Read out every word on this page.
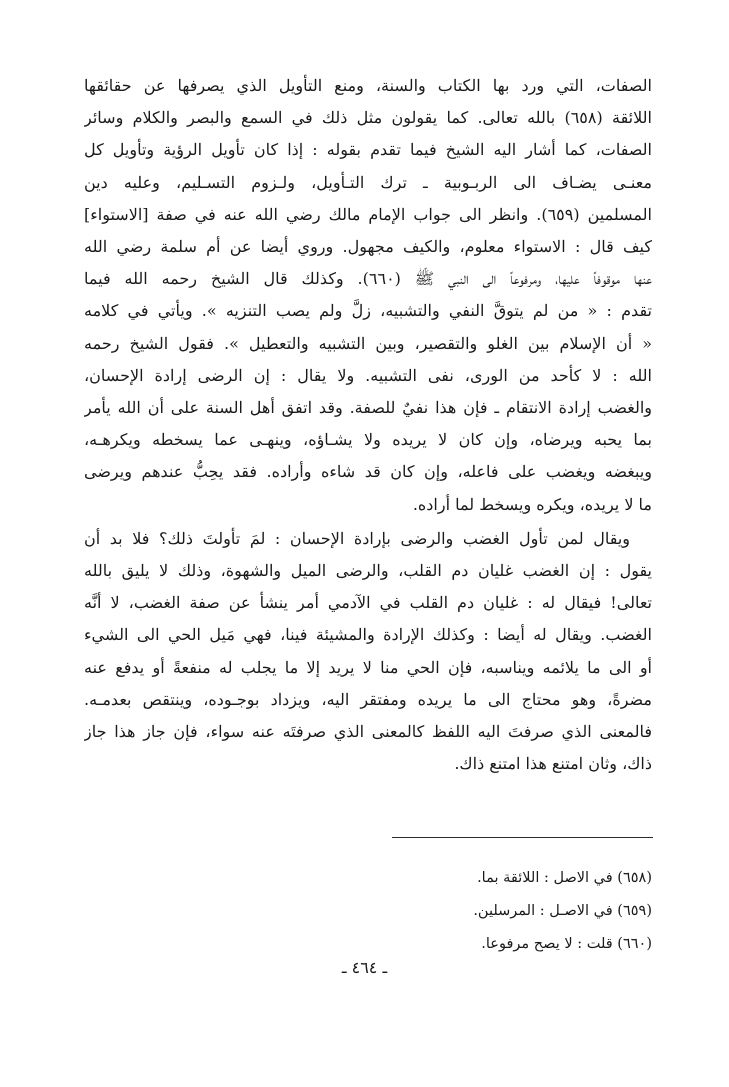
الصفات، التي ورد بها الكتاب والسنة، ومنع التأويل الذي يصرفها عن حقائقها
اللائقة (٦٥٨) بالله تعالى. كما يقولون مثل ذلك في السمع والبصر والكلام وسائر
الصفات، كما أشار اليه الشيخ فيما تقدم بقوله : إذا كان تأويل الرؤية وتأويل كل
معنـى يضـاف الى الربـوبية ـ ترك التـأويل، ولـزوم التسـليم، وعليه دين
المسلمين (٦٥٩). وانظر الى جواب الإمام مالك رضي الله عنه في صفة [الاستواء]
كيف قال : الاستواء معلوم، والكيف مجهول. وروي أيضا عن أم سلمة رضي الله
عنها موقوفاً عليها، ومرفوعاً الى النبي ﷺ (٦٦٠). وكذلك قال الشيخ رحمه الله فيما
تقدم : « من لم يتوقَّ النفي والتشبيه، زلَّ ولم يصب التنزيه ». ويأتي في كلامه
« أن الإسلام بين الغلو والتقصير، وبين التشبيه والتعطيل ». فقول الشيخ رحمه
الله : لا كأحد من الورى، نفى التشبيه. ولا يقال : إن الرضى إرادة الإحسان،
والغضب إرادة الانتقام ـ فإن هذا نفيٌ للصفة. وقد اتفق أهل السنة على أن الله يأمر
بما يحبه ويرضاه، وإن كان لا يريده ولا يشـاؤه، وينهـى عما يسخطه ويكرهـه،
ويبغضه ويغضب على فاعله، وإن كان قد شاءه وأراده. فقد يحِبُّ عندهم ويرضى
ما لا يريده، ويكره ويسخط لما أراده.

ويقال لمن تأول الغضب والرضى بإرادة الإحسان : لمَ تأولتَ ذلك؟ فلا بد أن
يقول : إن الغضب غليان دم القلب، والرضى الميل والشهوة، وذلك لا يليق بالله
تعالى! فيقال له : غليان دم القلب في الآدمي أمر ينشأ عن صفة الغضب، لا أنَّه
الغضب. ويقال له أيضا : وكذلك الإرادة والمشيئة فينا، فهي مَيل الحي الى الشيء
أو الى ما يلائمه ويناسبه، فإن الحي منا لا يريد إلا ما يجلب له منفعةً أو يدفع عنه
مضرةً، وهو محتاج الى ما يريده ومفتقر اليه، ويزداد بوجـوده، وينتقص بعدمـه.
فالمعنى الذي صرفتَ اليه اللفظ كالمعنى الذي صرفتَه عنه سواء، فإن جاز هذا جاز
ذاك، وثان امتنع هذا امتنع ذاك.

(٦٥٨) في الاصل : اللائقة بما.
(٦٥٩) في الاصـل : المرسلين.
(٦٦٠) قلت : لا يصح مرفوعا.
ـ ٤٦٤ ـ
